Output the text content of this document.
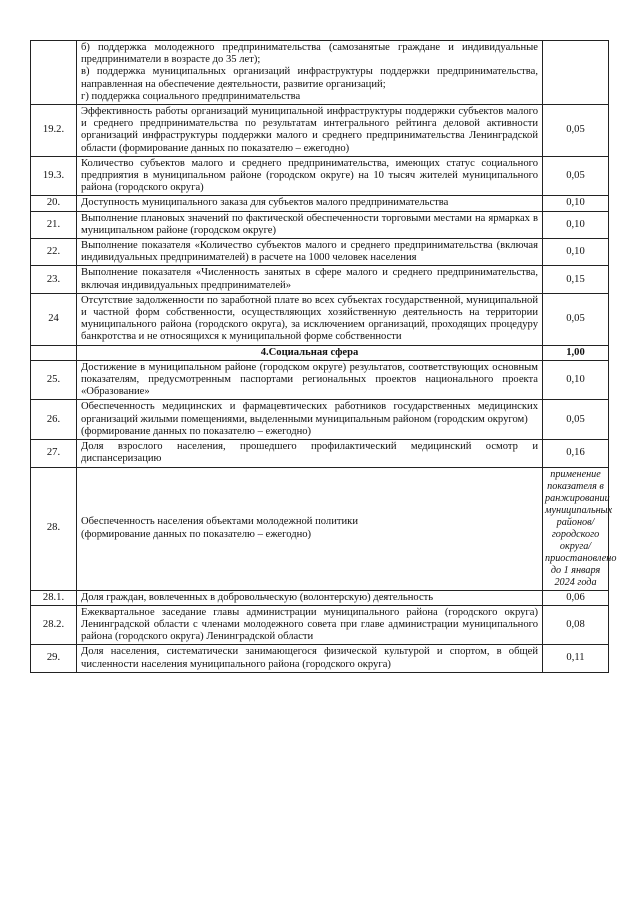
	б) поддержка молодежного предпринимательства (самозанятые граждане и индивидуальные предприниматели в возрасте до 35 лет);
в) поддержка муниципальных организаций инфраструктуры поддержки предпринимательства, направленная на обеспечение деятельности, развитие организаций;
г) поддержка социального предпринимательства	

19.2.	Эффективность работы организаций муниципальной инфраструктуры поддержки субъектов малого и среднего предпринимательства по результатам интегрального рейтинга деловой активности организаций инфраструктуры поддержки малого и среднего предпринимательства Ленинградской области (формирование данных по показателю – ежегодно)	0,05
19.3.	Количество субъектов малого и среднего предпринимательства, имеющих статус социального предприятия в муниципальном районе (городском округе) на 10 тысяч жителей муниципального района (городского округа)	0,05
20.	Доступность муниципального заказа для субъектов малого предпринимательства	0,10
21.	Выполнение плановых значений по фактической обеспеченности торговыми местами на ярмарках в муниципальном районе (городском округе)	0,10
22.	Выполнение показателя «Количество субъектов малого и среднего предпринимательства (включая индивидуальных предпринимателей) в расчете на 1000 человек населения	0,10
23.	Выполнение показателя «Численность занятых в сфере малого и среднего предпринимательства, включая индивидуальных предпринимателей»	0,15
24	Отсутствие задолженности по заработной плате во всех субъектах государственной, муниципальной и частной форм собственности, осуществляющих хозяйственную деятельность на территории муниципального района (городского округа), за исключением организаций, проходящих процедуру банкротства и не относящихся к муниципальной форме собственности	0,05
	4.Социальная сфера	1,00
25.	Достижение в муниципальном районе (городском округе) результатов, соответствующих основным показателям, предусмотренным паспортами региональных проектов национального проекта «Образование»	0,10
26.	Обеспеченность медицинских и фармацевтических работников государственных медицинских организаций жилыми помещениями, выделенными муниципальным районом (городским округом)
(формирование данных по показателю – ежегодно)	0,05
27.	Доля взрослого населения, прошедшего профилактический медицинский осмотр и диспансеризацию	0,16
28.	Обеспеченность населения объектами молодежной политики
(формирование данных по показателю – ежегодно)	применение показателя в ранжировании муниципальных районов/ городского округа/ приостановлено до 1 января 2024 года
28.1.	Доля граждан, вовлеченных в добровольческую (волонтерскую) деятельность	0,06
28.2.	Ежеквартальное заседание главы администрации муниципального района (городского округа) Ленинградской области с членами молодежного совета при главе администрации муниципального района (городского округа) Ленинградской области	0,08
29.	Доля населения, систематически занимающегося физической культурой и спортом, в общей численности населения муниципального района (городского округа)	0,11
